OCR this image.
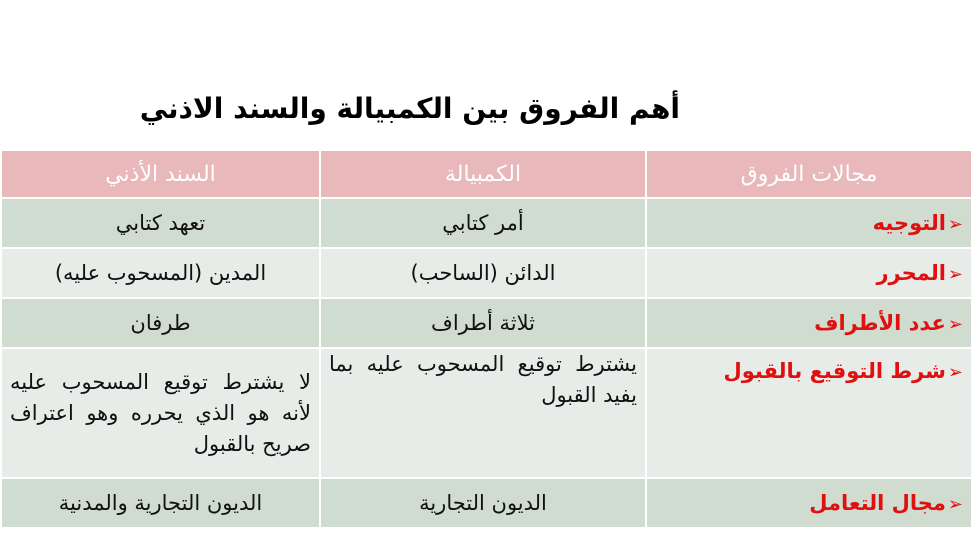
أهم الفروق بين الكمبيالة والسند الاذني
مجالات الفروق	الكمبيالة	السند الأذني
➢التوجيه	أمر كتابي	تعهد كتابي
➢المحرر	الدائن (الساحب)	المدين (المسحوب عليه)
➢عدد الأطراف	ثلاثة أطراف	طرفان
➢شرط التوقيع بالقبول	يشترط توقيع المسحوب عليه بما يفيد القبول	لا يشترط توقيع المسحوب عليه لأنه هو الذي يحرره وهو اعتراف صريح بالقبول
➢مجال التعامل	الديون التجارية	الديون التجارية والمدنية
